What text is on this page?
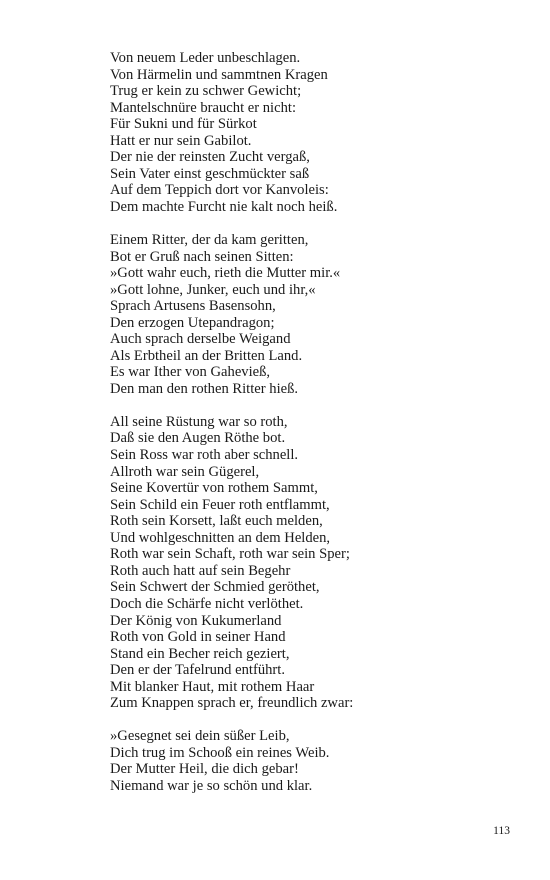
Von neuem Leder unbeschlagen.
Von Härmelin und sammtnen Kragen
Trug er kein zu schwer Gewicht;
Mantelschnüre braucht er nicht:
Für Sukni und für Sürkot
Hatt er nur sein Gabilot.
Der nie der reinsten Zucht vergaß,
Sein Vater einst geschmückter saß
Auf dem Teppich dort vor Kanvoleis:
Dem machte Furcht nie kalt noch heiß.
Einem Ritter, der da kam geritten,
Bot er Gruß nach seinen Sitten:
»Gott wahr euch, rieth die Mutter mir.«
»Gott lohne, Junker, euch und ihr,«
Sprach Artusens Basensohn,
Den erzogen Utepandragon;
Auch sprach derselbe Weigand
Als Erbtheil an der Britten Land.
Es war Ither von Gahevieß,
Den man den rothen Ritter hieß.
All seine Rüstung war so roth,
Daß sie den Augen Röthe bot.
Sein Ross war roth aber schnell.
Allroth war sein Gügerel,
Seine Kovertür von rothem Sammt,
Sein Schild ein Feuer roth entflammt,
Roth sein Korsett, laßt euch melden,
Und wohlgeschnitten an dem Helden,
Roth war sein Schaft, roth war sein Sper;
Roth auch hatt auf sein Begehr
Sein Schwert der Schmied geröthet,
Doch die Schärfe nicht verlöthet.
Der König von Kukumerland
Roth von Gold in seiner Hand
Stand ein Becher reich geziert,
Den er der Tafelrund entführt.
Mit blanker Haut, mit rothem Haar
Zum Knappen sprach er, freundlich zwar:
»Gesegnet sei dein süßer Leib,
Dich trug im Schooß ein reines Weib.
Der Mutter Heil, die dich gebar!
Niemand war je so schön und klar.
113
